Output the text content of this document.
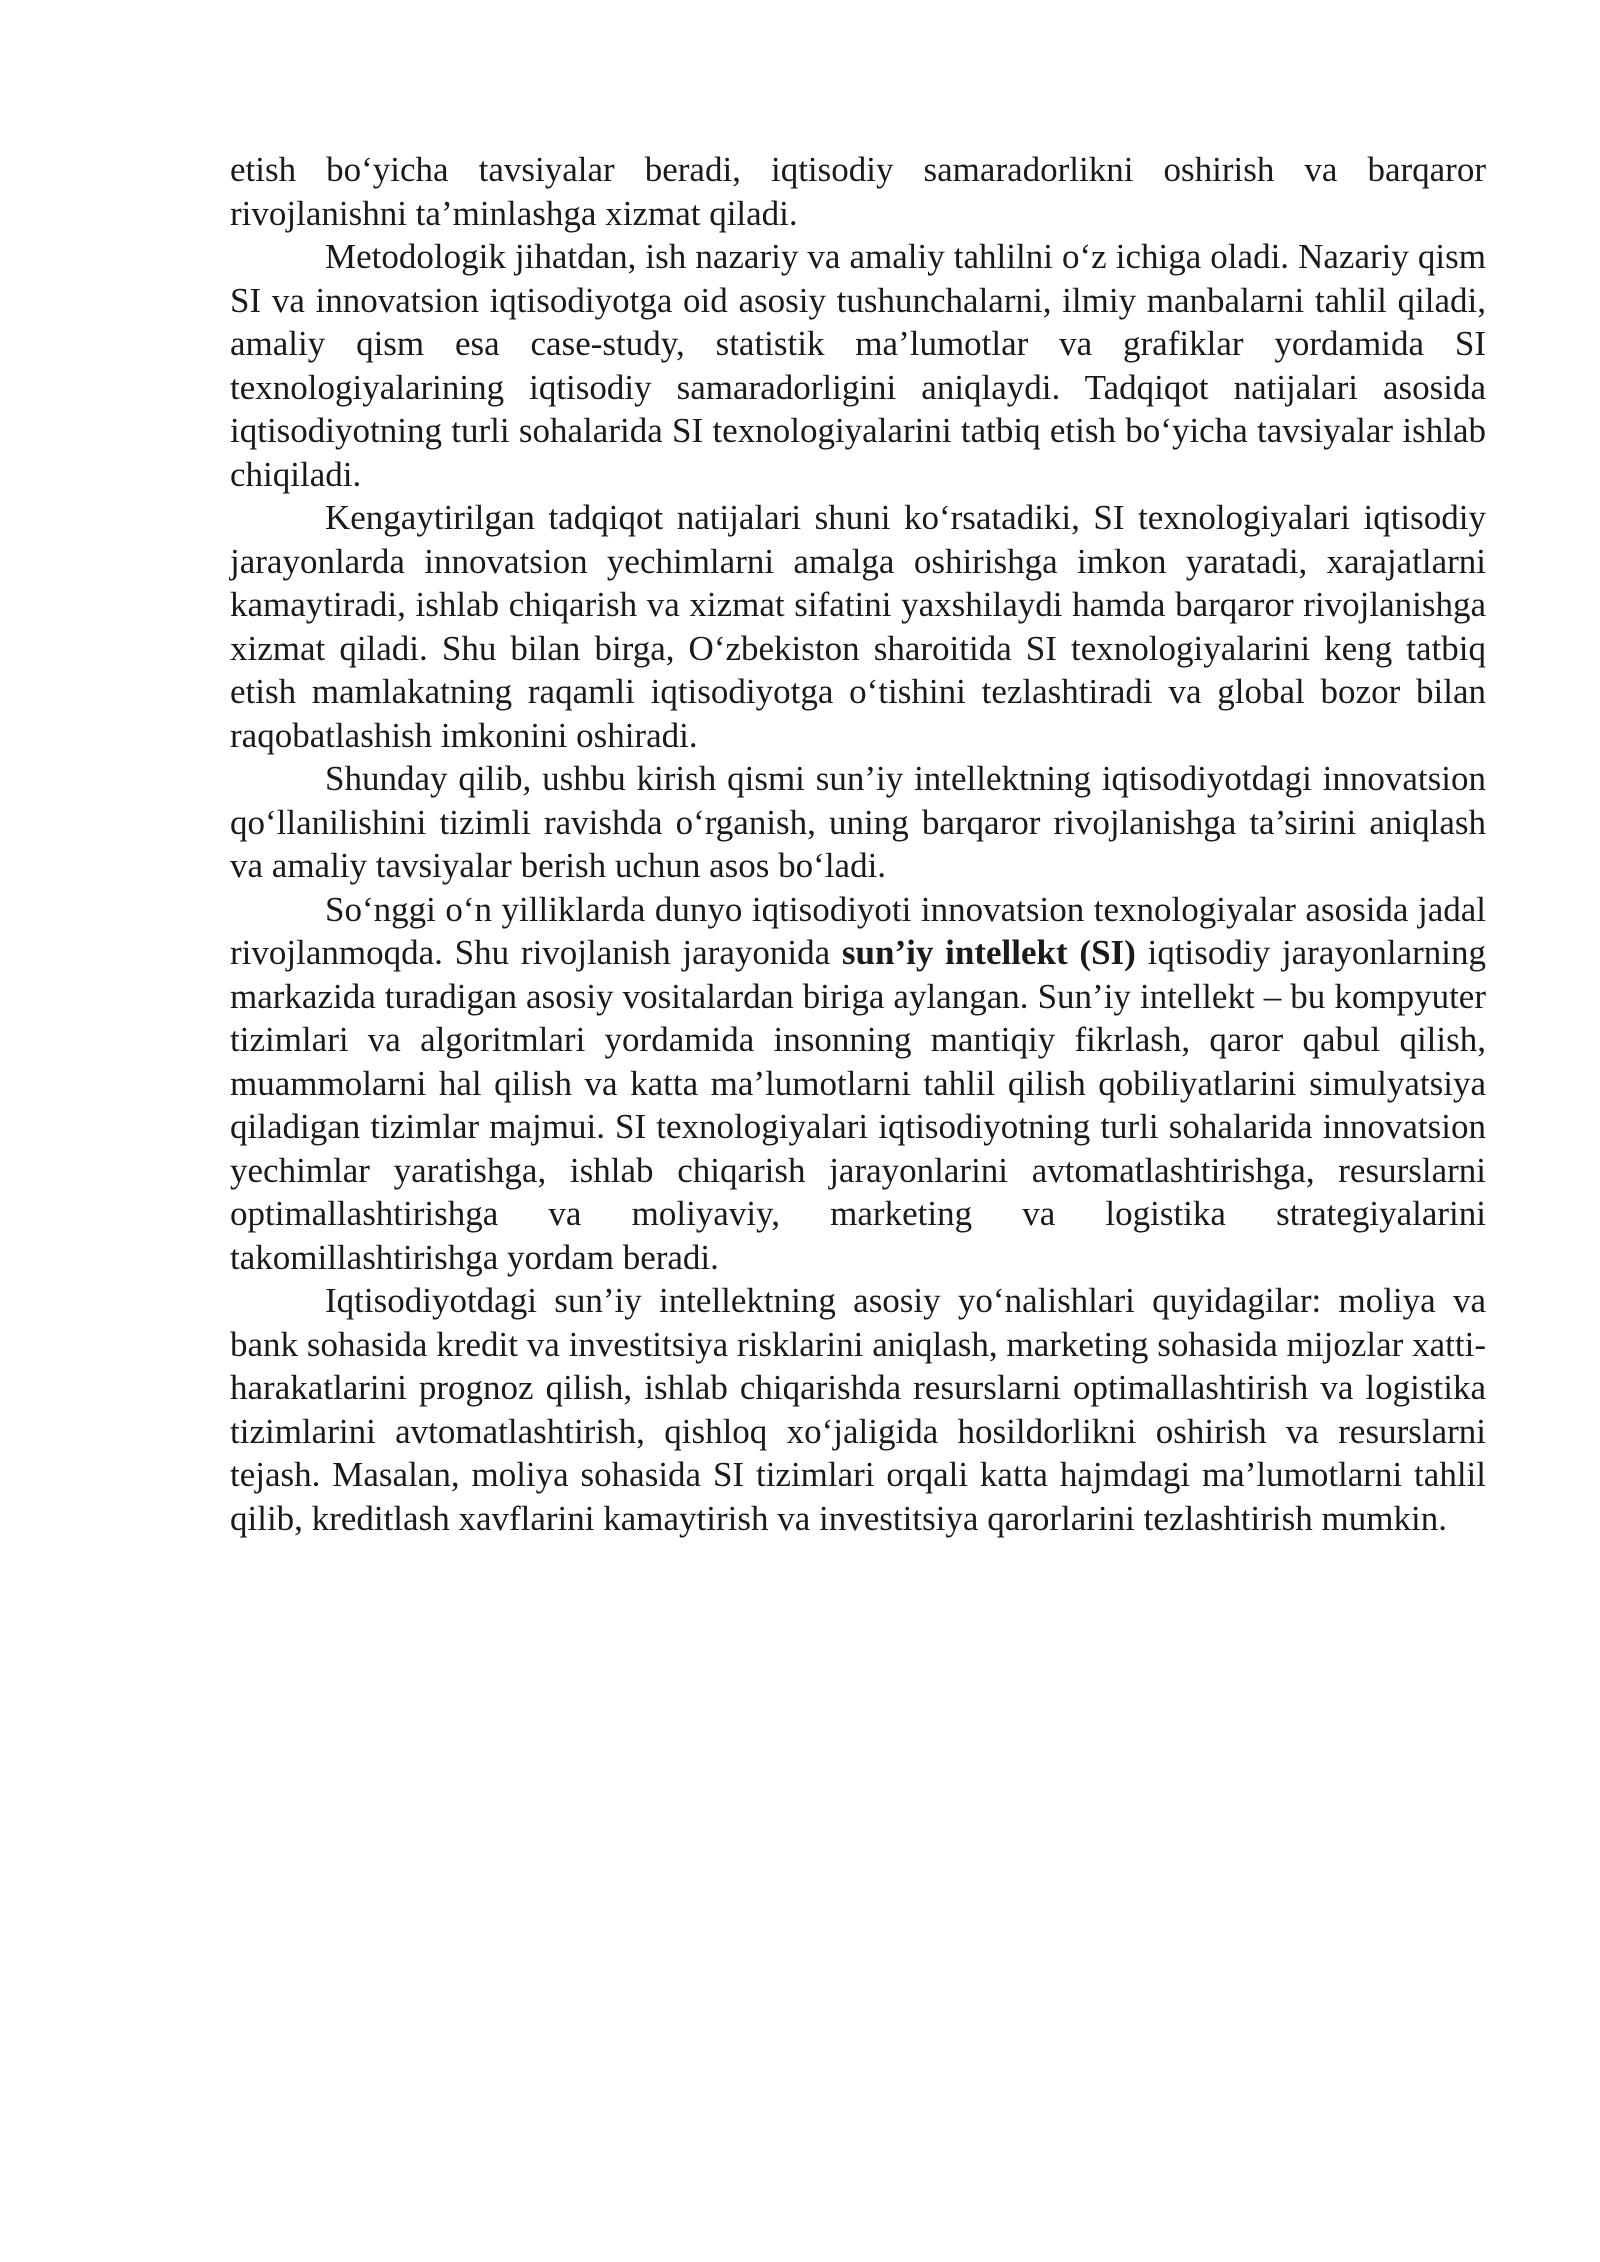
etish bo‘yicha tavsiyalar beradi, iqtisodiy samaradorlikni oshirish va barqaror rivojlanishni ta’minlashga xizmat qiladi.

Metodologik jihatdan, ish nazariy va amaliy tahlilni o‘z ichiga oladi. Nazariy qism SI va innovatsion iqtisodiyotga oid asosiy tushunchalarni, ilmiy manbalarni tahlil qiladi, amaliy qism esa case-study, statistik ma’lumotlar va grafiklar yordamida SI texnologiyalarining iqtisodiy samaradorligini aniqlaydi. Tadqiqot natijalari asosida iqtisodiyotning turli sohalarida SI texnologiyalarini tatbiq etish bo‘yicha tavsiyalar ishlab chiqiladi.

Kengaytirilgan tadqiqot natijalari shuni ko‘rsatadiki, SI texnologiyalari iqtisodiy jarayonlarda innovatsion yechimlarni amalga oshirishga imkon yaratadi, xarajatlarni kamaytiradi, ishlab chiqarish va xizmat sifatini yaxshilaydi hamda barqaror rivojlanishga xizmat qiladi. Shu bilan birga, O‘zbekiston sharoitida SI texnologiyalarini keng tatbiq etish mamlakatning raqamli iqtisodiyotga o‘tishini tezlashtiradi va global bozor bilan raqobatlashish imkonini oshiradi.

Shunday qilib, ushbu kirish qismi sun’iy intellektning iqtisodiyotdagi innovatsion qo‘llanilishini tizimli ravishda o‘rganish, uning barqaror rivojlanishga ta’sirini aniqlash va amaliy tavsiyalar berish uchun asos bo‘ladi.

So‘nggi o‘n yilliklarda dunyo iqtisodiyoti innovatsion texnologiyalar asosida jadal rivojlanmoqda. Shu rivojlanish jarayonida sun’iy intellekt (SI) iqtisodiy jarayonlarning markazida turadigan asosiy vositalardan biriga aylangan. Sun’iy intellekt – bu kompyuter tizimlari va algoritmlari yordamida insonning mantiqiy fikrlash, qaror qabul qilish, muammolarni hal qilish va katta ma’lumotlarni tahlil qilish qobiliyatlarini simulyatsiya qiladigan tizimlar majmui. SI texnologiyalari iqtisodiyotning turli sohalarida innovatsion yechimlar yaratishga, ishlab chiqarish jarayonlarini avtomatlashtirishga, resurslarni optimallashtirishga va moliyaviy, marketing va logistika strategiyalarini takomillashtirishga yordam beradi.

Iqtisodiyotdagi sun’iy intellektning asosiy yo‘nalishlari quyidagilar: moliya va bank sohasida kredit va investitsiya risklarini aniqlash, marketing sohasida mijozlar xatti-harakatlarini prognoz qilish, ishlab chiqarishda resurslarni optimallashtirish va logistika tizimlarini avtomatlashtirish, qishloq xo‘jaligida hosildorlikni oshirish va resurslarni tejash. Masalan, moliya sohasida SI tizimlari orqali katta hajmdagi ma’lumotlarni tahlil qilib, kreditlash xavflarini kamaytirish va investitsiya qarorlarini tezlashtirish mumkin.
